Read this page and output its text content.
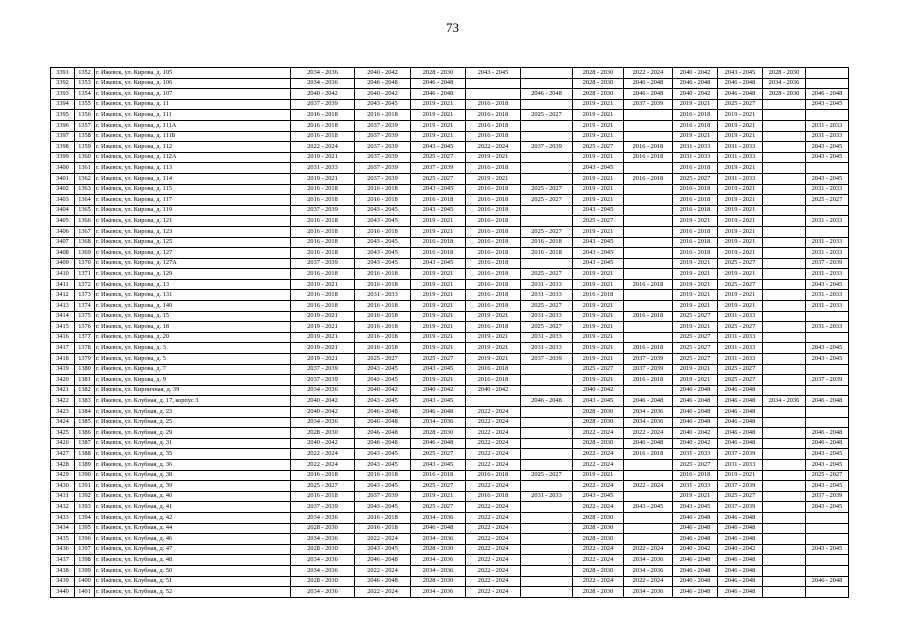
73
3391	1352	г. Ижевск, ул. Кирова, д. 105	2034 - 2036	2040 - 2042	2028 - 2030	2043 - 2045		2028 - 2030	2022 - 2024	2040 - 2042	2043 - 2045	2028 - 2030	
3392	1353	г. Ижевск, ул. Кирова, д. 106	2034 - 2036	2046 - 2048	2046 - 2048			2028 - 2030	2046 - 2048	2046 - 2048	2046 - 2048	2034 - 2036	
3393	1354	г. Ижевск, ул. Кирова, д. 107	2040 - 2042	2040 - 2042	2046 - 2048		2046 - 2048	2028 - 2030	2046 - 2048	2040 - 2042	2046 - 2048	2028 - 2030	2046 - 2048
3394	1355	г. Ижевск, ул. Кирова, д. 11	2037 - 2039	2043 - 2045	2019 - 2021	2016 - 2018		2019 - 2021	2037 - 2039	2019 - 2021	2025 - 2027		2043 - 2045
3395	1356	г. Ижевск, ул. Кирова, д. 111	2016 - 2018	2016 - 2018	2019 - 2021	2016 - 2018	2025 - 2027	2019 - 2021		2016 - 2018	2019 - 2021		
3396	1357	г. Ижевск, ул. Кирова, д. 111А	2016 - 2018	2037 - 2039	2019 - 2021	2016 - 2018		2019 - 2021		2016 - 2018	2019 - 2021		2031 - 2033
3397	1358	г. Ижевск, ул. Кирова, д. 111Б	2016 - 2018	2037 - 2039	2019 - 2021	2016 - 2018		2019 - 2021		2019 - 2021	2019 - 2021		2031 - 2033
3398	1359	г. Ижевск, ул. Кирова, д. 112	2022 - 2024	2037 - 2039	2043 - 2045	2022 - 2024	2037 - 2039	2025 - 2027	2016 - 2018	2031 - 2033	2031 - 2033		2043 - 2045
3399	1360	г. Ижевск, ул. Кирова, д. 112А	2019 - 2021	2037 - 2039	2025 - 2027	2019 - 2021		2019 - 2021	2016 - 2018	2031 - 2033	2031 - 2033		2043 - 2045
3400	1361	г. Ижевск, ул. Кирова, д. 113	2031 - 2033	2037 - 2039	2037 - 2039	2016 - 2018		2043 - 2045		2016 - 2018	2019 - 2021		
3401	1362	г. Ижевск, ул. Кирова, д. 114	2019 - 2021	2037 - 2039	2025 - 2027	2019 - 2021		2019 - 2021	2016 - 2018	2025 - 2027	2031 - 2033		2043 - 2045
3402	1363	г. Ижевск, ул. Кирова, д. 115	2016 - 2018	2016 - 2018	2043 - 2045	2016 - 2018	2025 - 2027	2019 - 2021		2016 - 2018	2019 - 2021		2031 - 2033
3403	1364	г. Ижевск, ул. Кирова, д. 117	2016 - 2018	2016 - 2018	2016 - 2018	2016 - 2018	2025 - 2027	2019 - 2021		2016 - 2018	2019 - 2021		2025 - 2027
3404	1365	г. Ижевск, ул. Кирова, д. 119	2037 - 2039	2043 - 2045	2043 - 2045	2016 - 2018		2043 - 2045		2016 - 2018	2019 - 2021		
3405	1366	г. Ижевск, ул. Кирова, д. 121	2016 - 2018	2043 - 2045	2019 - 2021	2016 - 2018		2025 - 2027		2019 - 2021	2019 - 2021		2031 - 2033
3406	1367	г. Ижевск, ул. Кирова, д. 123	2016 - 2018	2016 - 2018	2019 - 2021	2016 - 2018	2025 - 2027	2019 - 2021		2016 - 2018	2019 - 2021		
3407	1368	г. Ижевск, ул. Кирова, д. 125	2016 - 2018	2043 - 2045	2016 - 2018	2016 - 2018	2016 - 2018	2043 - 2045		2016 - 2018	2019 - 2021		2031 - 2033
3408	1369	г. Ижевск, ул. Кирова, д. 127	2016 - 2018	2043 - 2045	2016 - 2018	2016 - 2018	2016 - 2018	2043 - 2045		2016 - 2018	2019 - 2021		2031 - 2033
3409	1370	г. Ижевск, ул. Кирова, д. 127А	2037 - 2039	2043 - 2045	2043 - 2045	2016 - 2018		2043 - 2045		2019 - 2021	2025 - 2027		2037 - 2039
3410	1371	г. Ижевск, ул. Кирова, д. 129	2016 - 2018	2016 - 2018	2019 - 2021	2016 - 2018	2025 - 2027	2019 - 2021		2019 - 2021	2019 - 2021		2031 - 2033
3411	1372	г. Ижевск, ул. Кирова, д. 13	2019 - 2021	2016 - 2018	2019 - 2021	2016 - 2018	2031 - 2033	2019 - 2021	2016 - 2018	2019 - 2021	2025 - 2027		2043 - 2045
3412	1373	г. Ижевск, ул. Кирова, д. 131	2016 - 2018	2031 - 2033	2019 - 2021	2016 - 2018	2031 - 2033	2016 - 2018		2019 - 2021	2019 - 2021		2031 - 2033
3413	1374	г. Ижевск, ул. Кирова, д. 140	2016 - 2018	2016 - 2018	2019 - 2021	2016 - 2018	2025 - 2027	2019 - 2021		2019 - 2021	2019 - 2021		2031 - 2033
3414	1375	г. Ижевск, ул. Кирова, д. 15	2019 - 2021	2016 - 2018	2019 - 2021	2019 - 2021	2031 - 2033	2019 - 2021	2016 - 2018	2025 - 2027	2031 - 2033		
3415	1376	г. Ижевск, ул. Кирова, д. 18	2019 - 2021	2016 - 2018	2019 - 2021	2016 - 2018	2025 - 2027	2019 - 2021		2019 - 2021	2025 - 2027		2031 - 2033
3416	1377	г. Ижевск, ул. Кирова, д. 20	2019 - 2021	2016 - 2018	2019 - 2021	2019 - 2021	2031 - 2033	2019 - 2021		2025 - 2027	2031 - 2033		
3417	1378	г. Ижевск, ул. Кирова, д. 3	2019 - 2021	2016 - 2018	2019 - 2021	2019 - 2021	2031 - 2033	2019 - 2021	2016 - 2018	2025 - 2027	2031 - 2033		2043 - 2045
3418	1379	г. Ижевск, ул. Кирова, д. 5	2019 - 2021	2025 - 2027	2025 - 2027	2019 - 2021	2037 - 2039	2019 - 2021	2037 - 2039	2025 - 2027	2031 - 2033		2043 - 2045
3419	1380	г. Ижевск, ул. Кирова, д. 7	2037 - 2039	2043 - 2045	2043 - 2045	2016 - 2018		2025 - 2027	2037 - 2039	2019 - 2021	2025 - 2027		
3420	1381	г. Ижевск, ул. Кирова, д. 9	2037 - 2039	2043 - 2045	2019 - 2021	2016 - 2018		2019 - 2021	2016 - 2018	2019 - 2021	2025 - 2027		2037 - 2039
3421	1382	г. Ижевск, ул. Кирпичная, д. 39	2034 - 2036	2040 - 2042	2040 - 2042	2040 - 2042		2040 - 2042		2046 - 2048	2046 - 2048		
3422	1383	г. Ижевск, ул. Клубная, д. 17, корпус 3	2040 - 2042	2043 - 2045	2043 - 2045		2046 - 2048	2043 - 2045	2046 - 2048	2046 - 2048	2046 - 2048	2034 - 2036	2046 - 2048
3423	1384	г. Ижевск, ул. Клубная, д. 23	2040 - 2042	2046 - 2048	2046 - 2048	2022 - 2024		2028 - 2030	2034 - 2036	2046 - 2048	2046 - 2048		
3424	1385	г. Ижевск, ул. Клубная, д. 25	2034 - 2036	2046 - 2048	2034 - 2036	2022 - 2024		2028 - 2030	2034 - 2036	2046 - 2048	2046 - 2048		
3425	1386	г. Ижевск, ул. Клубная, д. 29	2028 - 2030	2046 - 2048	2028 - 2030	2022 - 2024		2022 - 2024	2022 - 2024	2040 - 2042	2046 - 2048		2046 - 2048
3426	1387	г. Ижевск, ул. Клубная, д. 31	2040 - 2042	2046 - 2048	2046 - 2048	2022 - 2024		2028 - 2030	2046 - 2048	2040 - 2042	2046 - 2048		2046 - 2048
3427	1388	г. Ижевск, ул. Клубная, д. 35	2022 - 2024	2043 - 2045	2025 - 2027	2022 - 2024		2022 - 2024	2016 - 2018	2031 - 2033	2037 - 2039		2043 - 2045
3428	1389	г. Ижевск, ул. Клубная, д. 36	2022 - 2024	2043 - 2045	2043 - 2045	2022 - 2024		2022 - 2024		2025 - 2027	2031 - 2033		2043 - 2045
3429	1390	г. Ижевск, ул. Клубная, д. 38	2016 - 2018	2016 - 2018	2016 - 2018	2016 - 2018	2025 - 2027	2019 - 2021		2016 - 2018	2019 - 2021		2025 - 2027
3430	1391	г. Ижевск, ул. Клубная, д. 39	2025 - 2027	2043 - 2045	2025 - 2027	2022 - 2024		2022 - 2024	2022 - 2024	2031 - 2033	2037 - 2039		2043 - 2045
3431	1392	г. Ижевск, ул. Клубная, д. 40	2016 - 2018	2037 - 2039	2019 - 2021	2016 - 2018	2031 - 2033	2043 - 2045		2019 - 2021	2025 - 2027		2037 - 2039
3432	1393	г. Ижевск, ул. Клубная, д. 41	2037 - 2039	2043 - 2045	2025 - 2027	2022 - 2024		2022 - 2024	2043 - 2045	2043 - 2045	2037 - 2039		2043 - 2045
3433	1394	г. Ижевск, ул. Клубная, д. 42	2034 - 2036	2016 - 2018	2034 - 2036	2022 - 2024		2028 - 2030		2046 - 2048	2046 - 2048		
3434	1395	г. Ижевск, ул. Клубная, д. 44	2028 - 2030	2016 - 2018	2046 - 2048	2022 - 2024		2028 - 2030		2046 - 2048	2046 - 2048		
3435	1396	г. Ижевск, ул. Клубная, д. 46	2034 - 2036	2022 - 2024	2034 - 2036	2022 - 2024		2028 - 2030		2046 - 2048	2046 - 2048		
3436	1397	г. Ижевск, ул. Клубная, д. 47	2028 - 2030	2043 - 2045	2028 - 2030	2022 - 2024		2022 - 2024	2022 - 2024	2040 - 2042	2040 - 2042		2043 - 2045
3437	1398	г. Ижевск, ул. Клубная, д. 48	2034 - 2036	2046 - 2048	2034 - 2036	2022 - 2024		2022 - 2024	2034 - 2036	2046 - 2048	2046 - 2048		
3438	1399	г. Ижевск, ул. Клубная, д. 50	2034 - 2036	2022 - 2024	2034 - 2036	2022 - 2024		2028 - 2030	2034 - 2036	2046 - 2048	2046 - 2048		
3439	1400	г. Ижевск, ул. Клубная, д. 51	2028 - 2030	2046 - 2048	2028 - 2030	2022 - 2024		2022 - 2024	2022 - 2024	2046 - 2048	2046 - 2048		2046 - 2048
3440	1401	г. Ижевск, ул. Клубная, д. 52	2034 - 2036	2022 - 2024	2034 - 2036	2022 - 2024		2028 - 2030	2034 - 2036	2046 - 2048	2046 - 2048		
